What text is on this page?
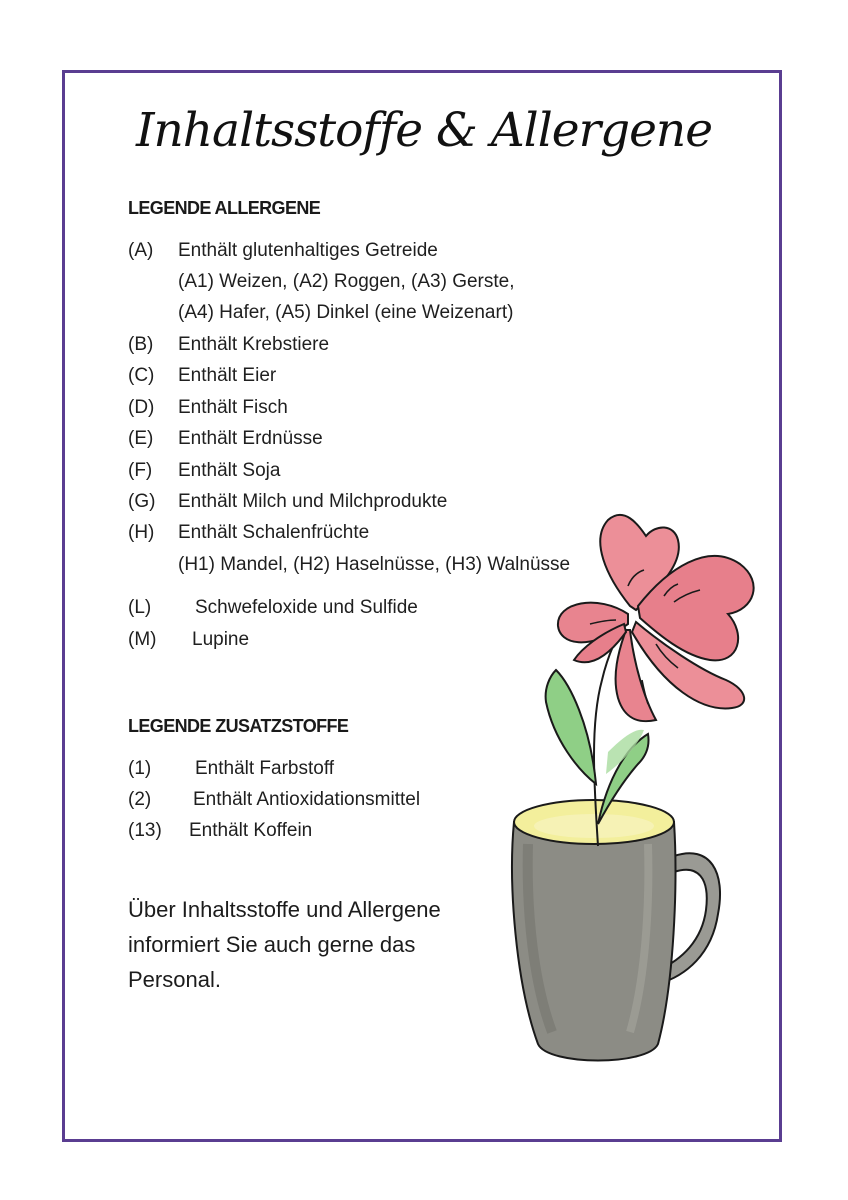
Inhaltsstoffe & Allergene
LEGENDE ALLERGENE
(A) Enthält glutenhaltiges Getreide
(A1) Weizen, (A2) Roggen, (A3) Gerste,
(A4) Hafer, (A5) Dinkel (eine Weizenart)
(B) Enthält Krebstiere
(C) Enthält Eier
(D) Enthält Fisch
(E) Enthält Erdnüsse
(F) Enthält Soja
(G) Enthält Milch und Milchprodukte
(H) Enthält Schalenfrüchte
(H1) Mandel, (H2) Haselnüsse, (H3) Walnüsse
(L) Schwefeloxide und Sulfide
(M) Lupine
LEGENDE ZUSATZSTOFFE
(1) Enthält Farbstoff
(2) Enthält Antioxidationsmittel
(13) Enthält Koffein
Über Inhaltsstoffe und Allergene
informiert Sie auch gerne das
Personal.
